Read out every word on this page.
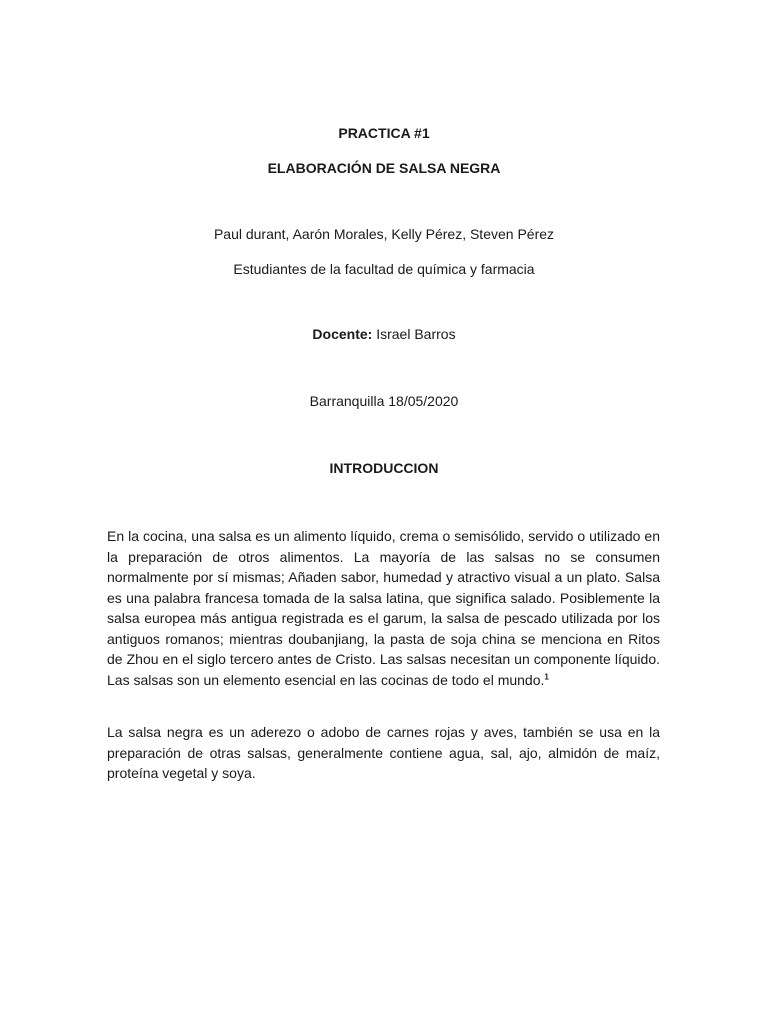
PRACTICA #1
ELABORACIÓN DE SALSA NEGRA
Paul durant, Aarón Morales, Kelly Pérez, Steven Pérez
Estudiantes de la facultad de química y farmacia
Docente: Israel Barros
Barranquilla 18/05/2020
INTRODUCCION

En la cocina, una salsa es un alimento líquido, crema o semisólido, servido o utilizado en la preparación de otros alimentos. La mayoría de las salsas no se consumen normalmente por sí mismas; Añaden sabor, humedad y atractivo visual a un plato. Salsa es una palabra francesa tomada de la salsa latina, que significa salado. Posiblemente la salsa europea más antigua registrada es el garum, la salsa de pescado utilizada por los antiguos romanos; mientras doubanjiang, la pasta de soja china se menciona en Ritos de Zhou en el siglo tercero antes de Cristo. Las salsas necesitan un componente líquido. Las salsas son un elemento esencial en las cocinas de todo el mundo.$^1$

La salsa negra es un aderezo o adobo de carnes rojas y aves, también se usa en la preparación de otras salsas, generalmente contiene agua, sal, ajo, almidón de maíz, proteína vegetal y soya.
